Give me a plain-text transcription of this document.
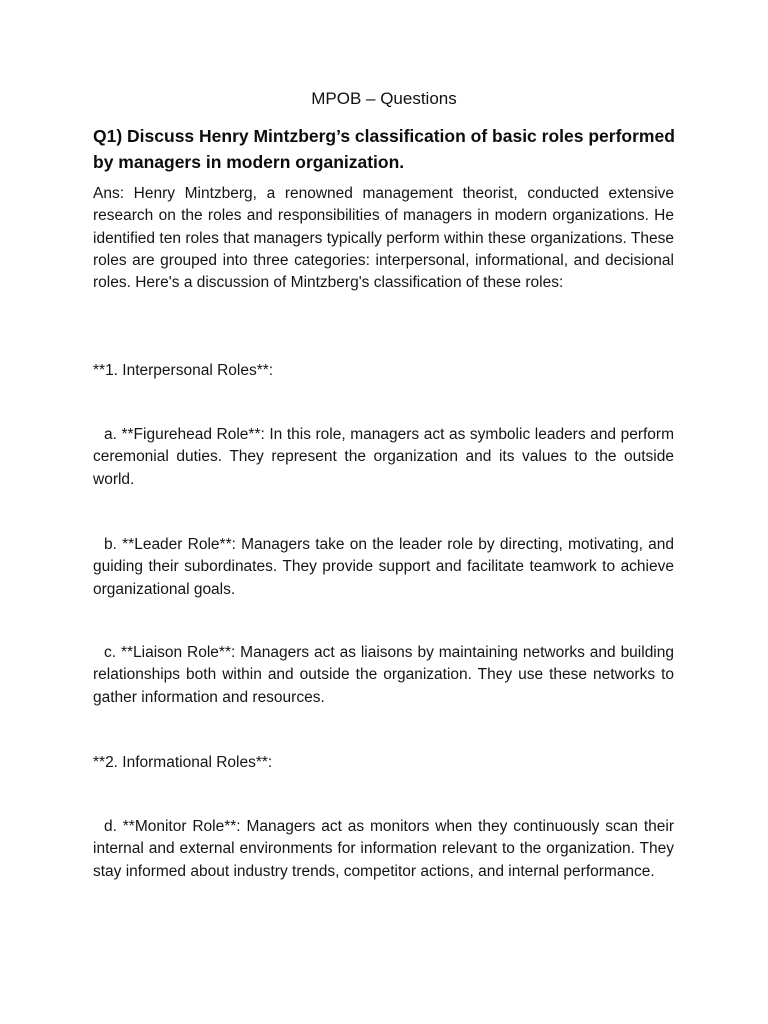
MPOB – Questions
Q1) Discuss Henry Mintzberg’s classification of basic roles performed by managers in modern organization.
Ans: Henry Mintzberg, a renowned management theorist, conducted extensive research on the roles and responsibilities of managers in modern organizations. He identified ten roles that managers typically perform within these organizations. These roles are grouped into three categories: interpersonal, informational, and decisional roles. Here's a discussion of Mintzberg's classification of these roles:
**1. Interpersonal Roles**:
a. **Figurehead Role**: In this role, managers act as symbolic leaders and perform ceremonial duties. They represent the organization and its values to the outside world.
b. **Leader Role**: Managers take on the leader role by directing, motivating, and guiding their subordinates. They provide support and facilitate teamwork to achieve organizational goals.
c. **Liaison Role**: Managers act as liaisons by maintaining networks and building relationships both within and outside the organization. They use these networks to gather information and resources.
**2. Informational Roles**:
d. **Monitor Role**: Managers act as monitors when they continuously scan their internal and external environments for information relevant to the organization. They stay informed about industry trends, competitor actions, and internal performance.
